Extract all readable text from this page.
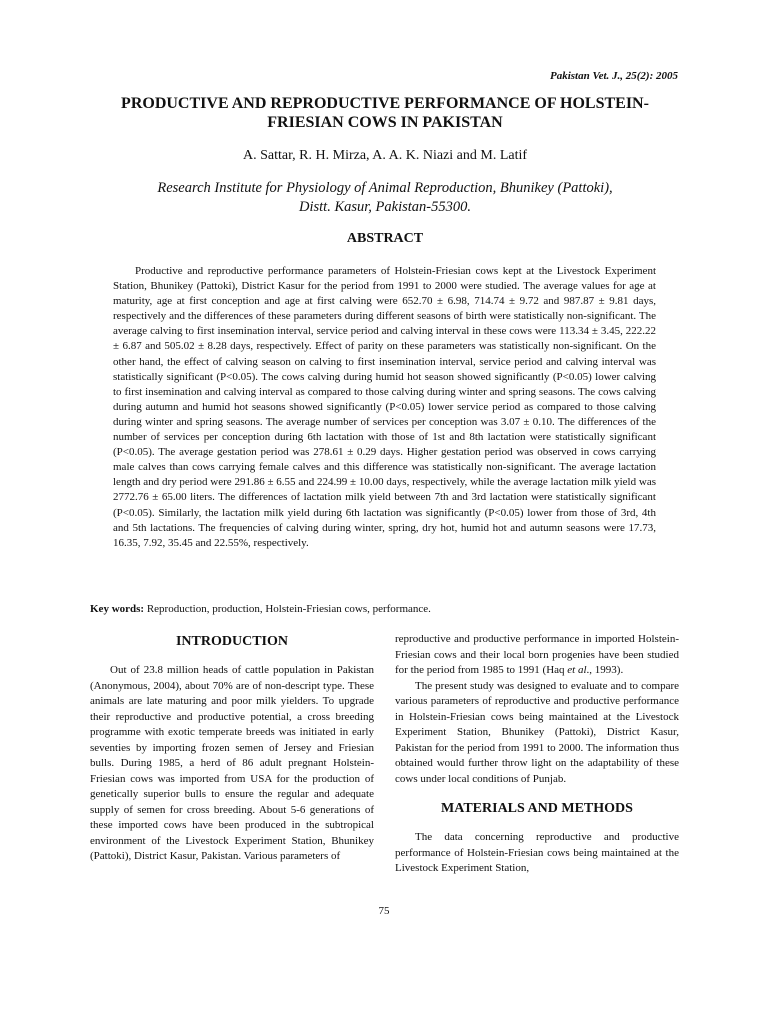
Pakistan Vet. J., 25(2): 2005
PRODUCTIVE AND REPRODUCTIVE PERFORMANCE OF HOLSTEIN-FRIESIAN COWS IN PAKISTAN
A. Sattar, R. H. Mirza, A. A. K. Niazi and M. Latif
Research Institute for Physiology of Animal Reproduction, Bhunikey (Pattoki),
Distt. Kasur, Pakistan-55300.
ABSTRACT

Productive and reproductive performance parameters of Holstein-Friesian cows kept at the Livestock Experiment Station, Bhunikey (Pattoki), District Kasur for the period from 1991 to 2000 were studied. The average values for age at maturity, age at first conception and age at first calving were 652.70 ± 6.98, 714.74 ± 9.72 and 987.87 ± 9.81 days, respectively and the differences of these parameters during different seasons of birth were statistically non-significant. The average calving to first insemination interval, service period and calving interval in these cows were 113.34 ± 3.45, 222.22 ± 6.87 and 505.02 ± 8.28 days, respectively. Effect of parity on these parameters was statistically non-significant. On the other hand, the effect of calving season on calving to first insemination interval, service period and calving interval was statistically significant (P<0.05). The cows calving during humid hot season showed significantly (P<0.05) lower calving to first insemination and calving interval as compared to those calving during winter and spring seasons. The cows calving during autumn and humid hot seasons showed significantly (P<0.05) lower service period as compared to those calving during winter and spring seasons. The average number of services per conception was 3.07 ± 0.10. The differences of the number of services per conception during 6th lactation with those of 1st and 8th lactation were statistically significant (P<0.05). The average gestation period was 278.61 ± 0.29 days. Higher gestation period was observed in cows carrying male calves than cows carrying female calves and this difference was statistically non-significant. The average lactation length and dry period were 291.86 ± 6.55 and 224.99 ± 10.00 days, respectively, while the average lactation milk yield was 2772.76 ± 65.00 liters. The differences of lactation milk yield between 7th and 3rd lactation were statistically significant (P<0.05). Similarly, the lactation milk yield during 6th lactation was significantly (P<0.05) lower from those of 3rd, 4th and 5th lactations. The frequencies of calving during winter, spring, dry hot, humid hot and autumn seasons were 17.73, 16.35, 7.92, 35.45 and 22.55%, respectively.

Key words: Reproduction, production, Holstein-Friesian cows, performance.

INTRODUCTION

Out of 23.8 million heads of cattle population in Pakistan (Anonymous, 2004), about 70% are of non-descript type. These animals are late maturing and poor milk yielders. To upgrade their reproductive and productive potential, a cross breeding programme with exotic temperate breeds was initiated in early seventies by importing frozen semen of Jersey and Friesian bulls. During 1985, a herd of 86 adult pregnant Holstein-Friesian cows was imported from USA for the production of genetically superior bulls to ensure the regular and adequate supply of semen for cross breeding. About 5-6 generations of these imported cows have been produced in the subtropical environment of the Livestock Experiment Station, Bhunikey (Pattoki), District Kasur, Pakistan. Various parameters of

reproductive and productive performance in imported Holstein-Friesian cows and their local born progenies have been studied for the period from 1985 to 1991 (Haq et al., 1993).

The present study was designed to evaluate and to compare various parameters of reproductive and productive performance in Holstein-Friesian cows being maintained at the Livestock Experiment Station, Bhunikey (Pattoki), District Kasur, Pakistan for the period from 1991 to 2000. The information thus obtained would further throw light on the adaptability of these cows under local conditions of Punjab.

MATERIALS AND METHODS

The data concerning reproductive and productive performance of Holstein-Friesian cows being maintained at the Livestock Experiment Station,

75
